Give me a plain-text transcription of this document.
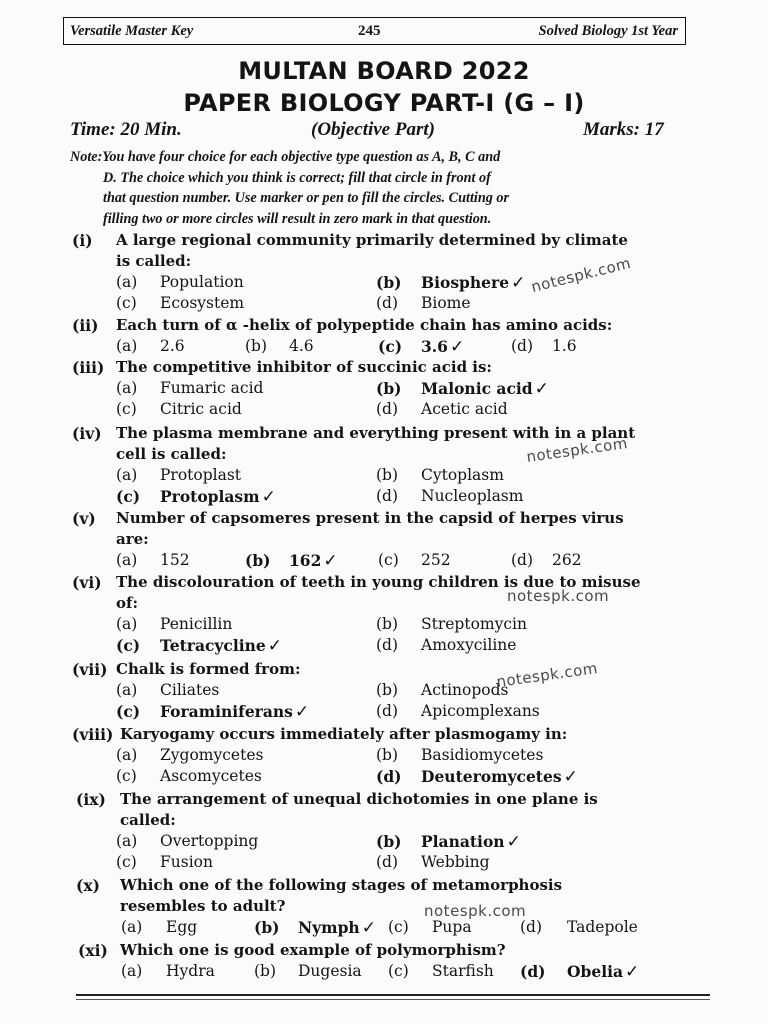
Versatile Master Key	245	Solved Biology 1st Year
MULTAN BOARD 2022
PAPER BIOLOGY PART-I (G – I)
Time: 20 Min.	(Objective Part)	Marks: 17
Note:You have four choice for each objective type question as A, B, C and
D. The choice which you think is correct; fill that circle in front of
that question number. Use marker or pen to fill the circles. Cutting or
filling two or more circles will result in zero mark in that question.
(i) A large regional community primarily determined by climate
is called:
(a) Population	(b) Biosphere ✓
(c) Ecosystem	(d) Biome
(ii) Each turn of α -helix of polypeptide chain has amino acids:
(a) 2.6	(b) 4.6	(c) 3.6 ✓	(d) 1.6
(iii) The competitive inhibitor of succinic acid is:
(a) Fumaric acid	(b) Malonic acid ✓
(c) Citric acid	(d) Acetic acid
(iv) The plasma membrane and everything present with in a plant
cell is called:
(a) Protoplast	(b) Cytoplasm
(c) Protoplasm ✓	(d) Nucleoplasm
(v) Number of capsomeres present in the capsid of herpes virus
are:
(a) 152	(b) 162 ✓	(c) 252	(d) 262
(vi) The discolouration of teeth in young children is due to misuse
of:
(a) Penicillin	(b) Streptomycin
(c) Tetracycline ✓	(d) Amoxyciline
(vii) Chalk is formed from:
(a) Ciliates	(b) Actinopods
(c) Foraminiferans ✓	(d) Apicomplexans
(viii) Karyogamy occurs immediately after plasmogamy in:
(a) Zygomycetes	(b) Basidiomycetes
(c) Ascomycetes	(d) Deuteromycetes ✓
(ix) The arrangement of unequal dichotomies in one plane is
called:
(a) Overtopping	(b) Planation ✓
(c) Fusion	(d) Webbing
(x) Which one of the following stages of metamorphosis
resembles to adult?
(a) Egg	(b) Nymph ✓ (c) Pupa	(d) Tadepole
(xi) Which one is good example of polymorphism?
(a) Hydra	(b) Dugesia (c) Starfish (d) Obelia ✓
notespk.com
notespk.com
notespk.com
notespk.com
notespk.com
